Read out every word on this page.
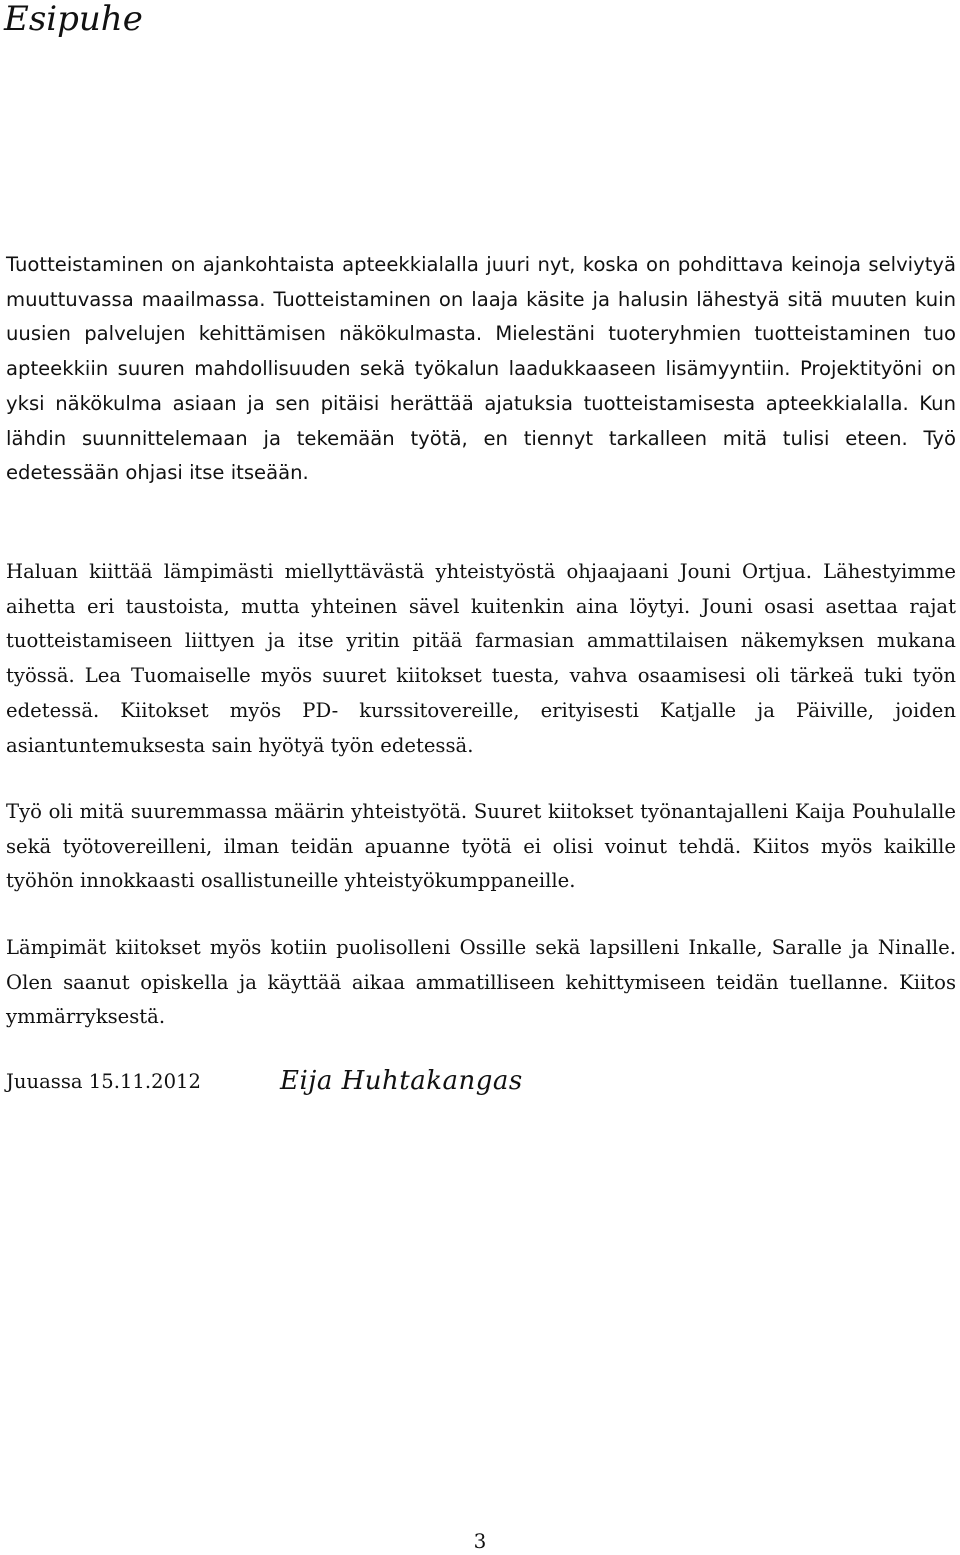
Esipuhe

Tuotteistaminen on ajankohtaista apteekkialalla juuri nyt, koska on pohdittava keinoja selviytyä muuttuvassa maailmassa. Tuotteistaminen on laaja käsite ja halusin lähestyä sitä muuten kuin uusien palvelujen kehittämisen näkökulmasta. Mielestäni tuoteryhmien tuotteistaminen tuo apteekkiin suuren mahdollisuuden sekä työkalun laadukkaaseen lisämyyntiin. Projektityöni on yksi näkökulma asiaan ja sen pitäisi herättää ajatuksia tuotteistamisesta apteekkialalla. Kun lähdin suunnittelemaan ja tekemään työtä, en tiennyt tarkalleen mitä tulisi eteen. Työ edetessään ohjasi itse itseään.

Haluan kiittää lämpimästi miellyttävästä yhteistyöstä ohjaajaani Jouni Ortjua. Lähestyimme aihetta eri taustoista, mutta yhteinen sävel kuitenkin aina löytyi. Jouni osasi asettaa rajat tuotteistamiseen liittyen ja itse yritin pitää farmasian ammattilaisen näkemyksen mukana työssä. Lea Tuomaiselle myös suuret kiitokset tuesta, vahva osaamisesi oli tärkeä tuki työn edetessä. Kiitokset myös PD- kurssitovereille, erityisesti Katjalle ja Päiville, joiden asiantuntemuksesta sain hyötyä työn edetessä.

Työ oli mitä suuremmassa määrin yhteistyötä. Suuret kiitokset työnantajalleni Kaija Pouhulalle sekä työtovereilleni, ilman teidän apuanne työtä ei olisi voinut tehdä. Kiitos myös kaikille työhön innokkaasti osallistuneille yhteistyökumppaneille.

Lämpimät kiitokset myös kotiin puolisolleni Ossille sekä lapsilleni Inkalle, Saralle ja Ninalle. Olen saanut opiskella ja käyttää aikaa ammatilliseen kehittymiseen teidän tuellanne. Kiitos ymmärryksestä.

Juuassa 15.11.2012	Eija Huhtakangas
3
